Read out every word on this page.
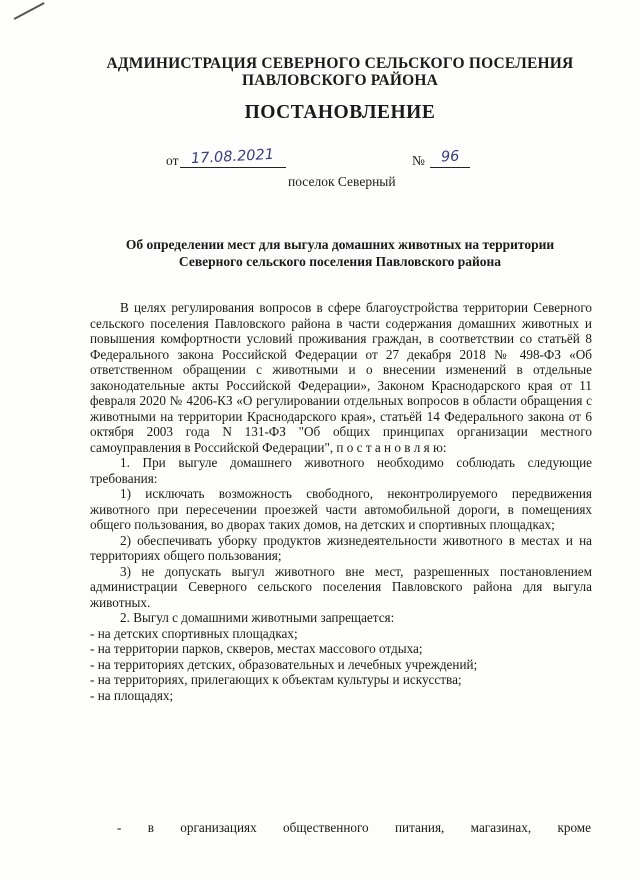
АДМИНИСТРАЦИЯ СЕВЕРНОГО СЕЛЬСКОГО ПОСЕЛЕНИЯ
ПАВЛОВСКОГО РАЙОНА
ПОСТАНОВЛЕНИЕ
от 17.08.2021	№	96
поселок Северный
Об определении мест для выгула домашних животных на территории
Северного сельского поселения Павловского района

В целях регулирования вопросов в сфере благоустройства территории Северного сельского поселения Павловского района в части содержания домашних животных и повышения комфортности условий проживания граждан, в соответствии со статьёй 8 Федерального закона Российской Федерации от 27 декабря 2018 № 498-ФЗ «Об ответственном обращении с животными и о внесении изменений в отдельные законодательные акты Российской Федерации», Законом Краснодарского края от 11 февраля 2020 № 4206-КЗ «О регулировании отдельных вопросов в области обращения с животными на территории Краснодарского края», статьёй 14 Федерального закона от 6 октября 2003 года N 131-ФЗ "Об общих принципах организации местного самоуправления в Российской Федерации", п о с т а н о в л я ю:

1. При выгуле домашнего животного необходимо соблюдать следующие требования:

1) исключать возможность свободного, неконтролируемого передвижения животного при пересечении проезжей части автомобильной дороги, в помещениях общего пользования, во дворах таких домов, на детских и спортивных площадках;

2) обеспечивать уборку продуктов жизнедеятельности животного в местах и на территориях общего пользования;

3) не допускать выгул животного вне мест, разрешенных постановлением администрации Северного сельского поселения Павловского района для выгула животных.

2. Выгул с домашними животными запрещается:

- на детских спортивных площадках;

- на территории парков, скверов, местах массового отдыха;

- на территориях детских, образовательных и лечебных учреждений;

- на территориях, прилегающих к объектам культуры и искусства;

- на площадях;

- в организациях общественного питания, магазинах, кроме
